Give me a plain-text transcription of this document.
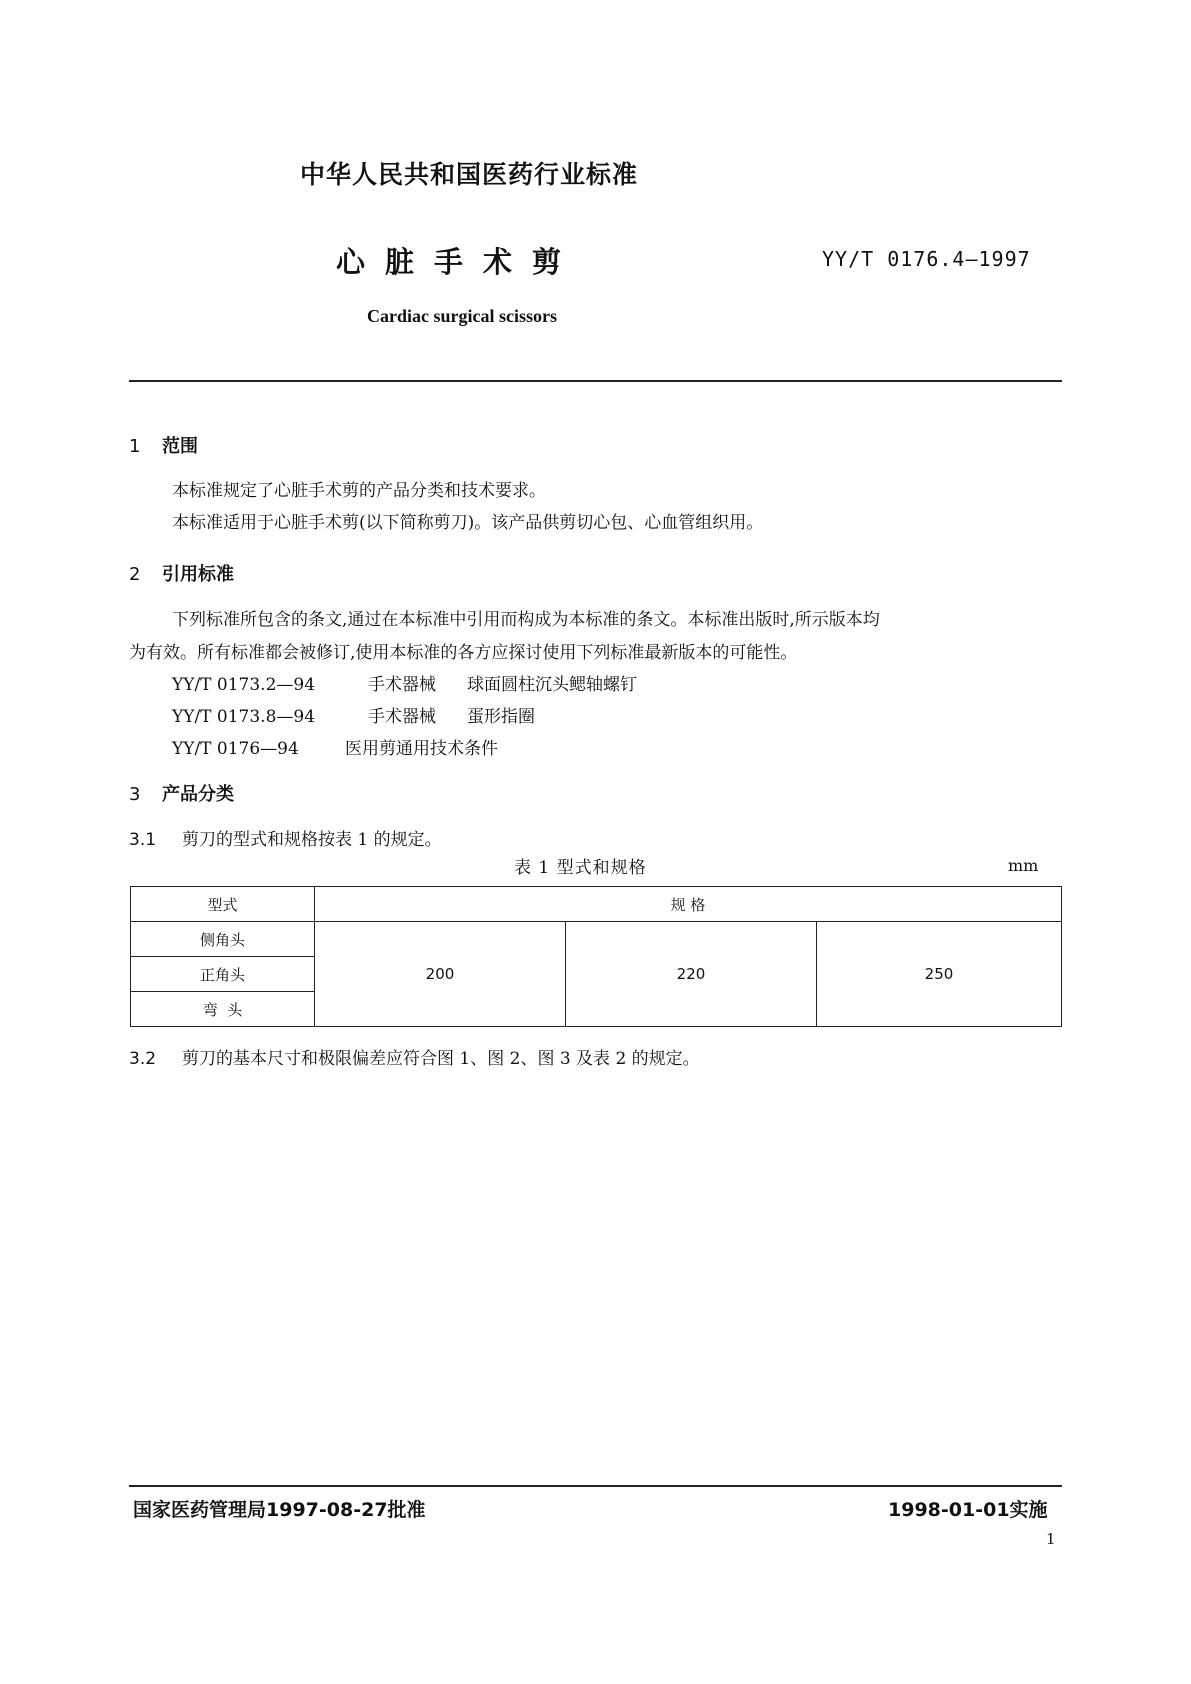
中华人民共和国医药行业标准
心脏手术剪	YY/T 0176.4—1997
Cardiac surgical scissors
1 范围
本标准规定了心脏手术剪的产品分类和技术要求。
本标准适用于心脏手术剪(以下简称剪刀)。该产品供剪切心包、心血管组织用。
2 引用标准
下列标准所包含的条文,通过在本标准中引用而构成为本标准的条文。本标准出版时,所示版本均
为有效。所有标准都会被修订,使用本标准的各方应探讨使用下列标准最新版本的可能性。
YY/T 0173.2—94	手术器械 球面圆柱沉头鳃轴螺钉
YY/T 0173.8—94	手术器械 蛋形指圈
YY/T 0176—94	医用剪通用技术条件
3 产品分类
3.1 剪刀的型式和规格按表 1 的规定。
表 1 型式和规格	mm
型式	规 格		
侧角头	200	220	250
正角头			
弯  头			
3.2 剪刀的基本尺寸和极限偏差应符合图 1、图 2、图 3 及表 2 的规定。
国家医药管理局1997-08-27批准	1998-01-01实施
1
